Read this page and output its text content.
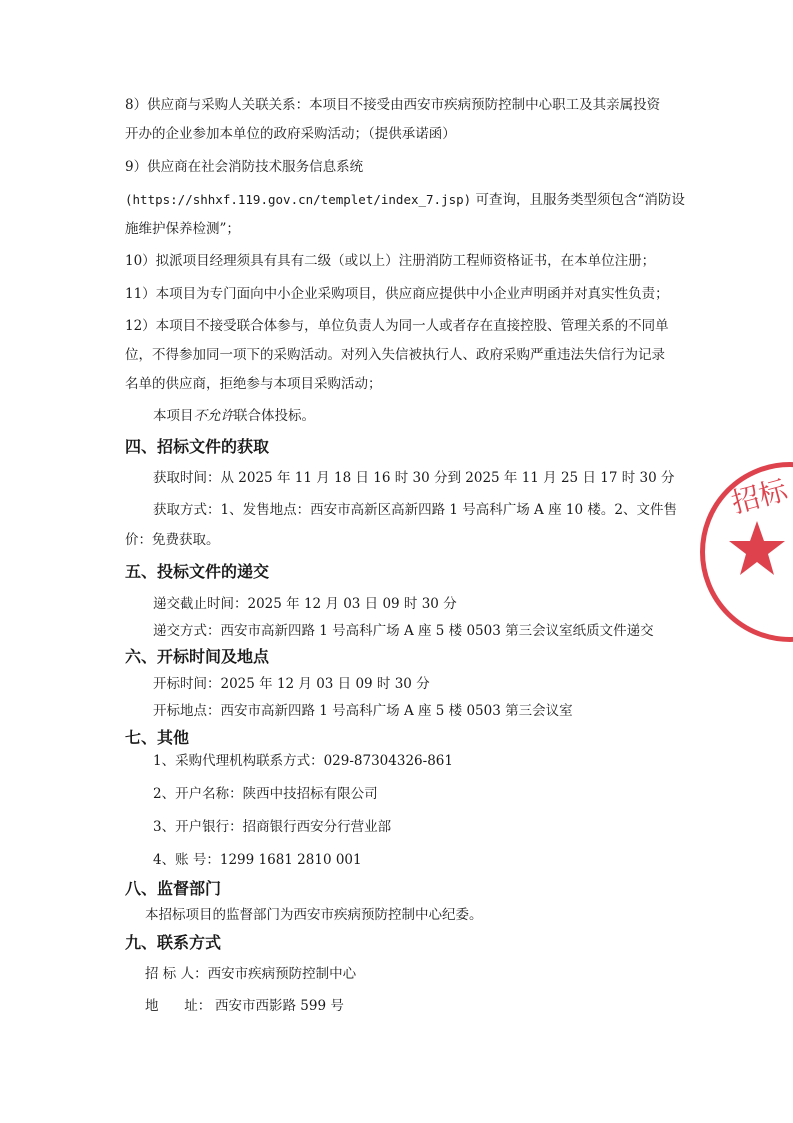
8）供应商与采购人关联关系：本项目不接受由西安市疾病预防控制中心职工及其亲属投资
开办的企业参加本单位的政府采购活动；（提供承诺函）
9）供应商在社会消防技术服务信息系统
(https://shhxf.119.gov.cn/templet/index_7.jsp) 可查询，且服务类型须包含“消防设
施维护保养检测”；
10）拟派项目经理须具有具有二级（或以上）注册消防工程师资格证书，在本单位注册；
11）本项目为专门面向中小企业采购项目，供应商应提供中小企业声明函并对真实性负责；
12）本项目不接受联合体参与，单位负责人为同一人或者存在直接控股、管理关系的不同单
位，不得参加同一项下的采购活动。对列入失信被执行人、政府采购严重违法失信行为记录
名单的供应商，拒绝参与本项目采购活动；
本项目不允许联合体投标。
四、招标文件的获取
获取时间：从 2025 年 11 月 18 日 16 时 30 分到 2025 年 11 月 25 日 17 时 30 分
获取方式：1、发售地点：西安市高新区高新四路 1 号高科广场 A 座 10 楼。2、文件售
价：免费获取。
五、投标文件的递交
递交截止时间：2025 年 12 月 03 日 09 时 30 分
递交方式：西安市高新四路 1 号高科广场 A 座 5 楼 0503 第三会议室纸质文件递交
六、开标时间及地点
开标时间：2025 年 12 月 03 日 09 时 30 分
开标地点：西安市高新四路 1 号高科广场 A 座 5 楼 0503 第三会议室
七、其他
1、采购代理机构联系方式：029-87304326-861
2、开户名称：陕西中技招标有限公司
3、开户银行：招商银行西安分行营业部
4、账 号：1299 1681 2810 001
八、监督部门
本招标项目的监督部门为西安市疾病预防控制中心纪委。
九、联系方式
招 标 人：西安市疾病预防控制中心
地      址： 西安市西影路 599 号
招标
